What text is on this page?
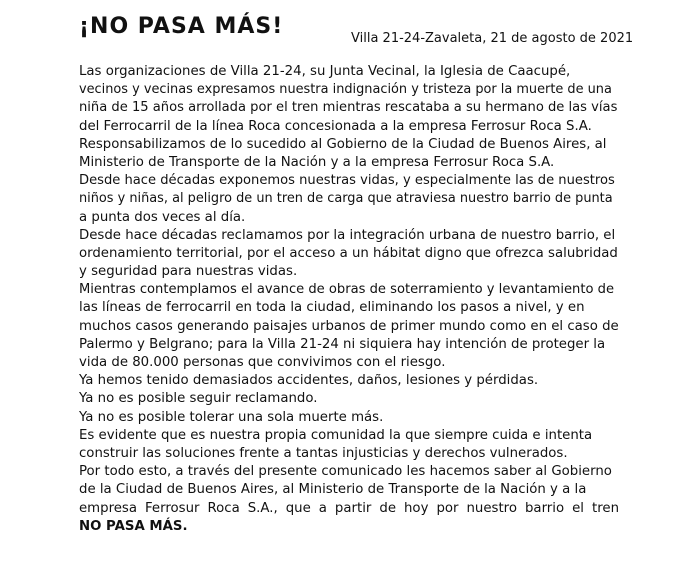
¡NO PASA MÁS!	Villa 21-24-Zavaleta, 21 de agosto de 2021
Las organizaciones de Villa 21-24, su Junta Vecinal, la Iglesia de Caacupé,
vecinos y vecinas expresamos nuestra indignación y tristeza por la muerte de una
niña de 15 años arrollada por el tren mientras rescataba a su hermano de las vías
del Ferrocarril de la línea Roca concesionada a la empresa Ferrosur Roca S.A.
Responsabilizamos de lo sucedido al Gobierno de la Ciudad de Buenos Aires, al
Ministerio de Transporte de la Nación y a la empresa Ferrosur Roca S.A.
Desde hace décadas exponemos nuestras vidas, y especialmente las de nuestros
niños y niñas, al peligro de un tren de carga que atraviesa nuestro barrio de punta
a punta dos veces al día.
Desde hace décadas reclamamos por la integración urbana de nuestro barrio, el
ordenamiento territorial, por el acceso a un hábitat digno que ofrezca salubridad
y seguridad para nuestras vidas.
Mientras contemplamos el avance de obras de soterramiento y levantamiento de
las líneas de ferrocarril en toda la ciudad, eliminando los pasos a nivel, y en
muchos casos generando paisajes urbanos de primer mundo como en el caso de
Palermo y Belgrano; para la Villa 21-24 ni siquiera hay intención de proteger la
vida de 80.000 personas que convivimos con el riesgo.
Ya hemos tenido demasiados accidentes, daños, lesiones y pérdidas.
Ya no es posible seguir reclamando.
Ya no es posible tolerar una sola muerte más.
Es evidente que es nuestra propia comunidad la que siempre cuida e intenta
construir las soluciones frente a tantas injusticias y derechos vulnerados.
Por todo esto, a través del presente comunicado les hacemos saber al Gobierno
de la Ciudad de Buenos Aires, al Ministerio de Transporte de la Nación y a la
empresa Ferrosur Roca S.A., que a partir de hoy por nuestro barrio el tren
NO PASA MÁS.
